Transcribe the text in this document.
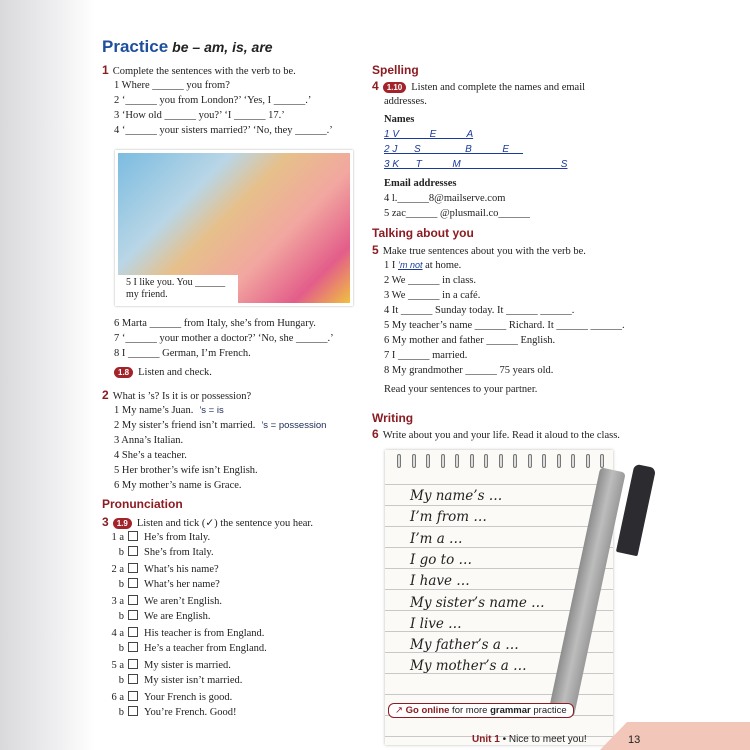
Practice be – am, is, are
1 Complete the sentences with the verb to be.
1 Where ______ you from?
2 ‘______ you from London?’ ‘Yes, I ______.’
3 ‘How old ______ you?’ ‘I ______ 17.’
4 ‘______ your sisters married?’ ‘No, they ______.’
5 I like you. You ______ my friend.
6 Marta ______ from Italy, she’s from Hungary.
7 ‘______ your mother a doctor?’ ‘No, she ______.’
8 I ______ German, I’m French.
1.8 Listen and check.
2 What is ’s? Is it is or possession?
1 My name’s Juan. ’s = is
2 My sister’s friend isn’t married. ’s = possession
3 Anna’s Italian.
4 She’s a teacher.
5 Her brother’s wife isn’t English.
6 My mother’s name is Grace.
Pronunciation
3 1.9 Listen and tick (✓) the sentence you hear.
1 a He’s from Italy.
b She’s from Italy.
2 a What’s his name?
b What’s her name?
3 a We aren’t English.
b We are English.
4 a His teacher is from England.
b He’s a teacher from England.
5 a My sister is married.
b My sister isn’t married.
6 a Your French is good.
b You’re French. Good!
Spelling
4 1.10 Listen and complete the names and email
addresses.
Names
1 V __ __ E __ __ A
2 J __ S __ __ __ B __ __ E __
3 K __ T __ __ M __ __ __ __ __ __ __ S
Email addresses
4 l.______8@mailserve.com
5 zac______ @plusmail.co______
Talking about you
5 Make true sentences about you with the verb be.
1 I ’m not at home.
2 We ______ in class.
3 We ______ in a café.
4 It ______ Sunday today. It ______ ______.
5 My teacher’s name ______ Richard. It ______ ______.
6 My mother and father ______ English.
7 I ______ married.
8 My grandmother ______ 75 years old.
Read your sentences to your partner.
Writing
6 Write about you and your life. Read it aloud to the class.
My name’s …
I’m from …
I’m a …
I go to …
I have …
My sister’s name …
I live …
My father’s a …
My mother’s a …
↗ Go online for more grammar practice
Unit 1 • Nice to meet you!	13
